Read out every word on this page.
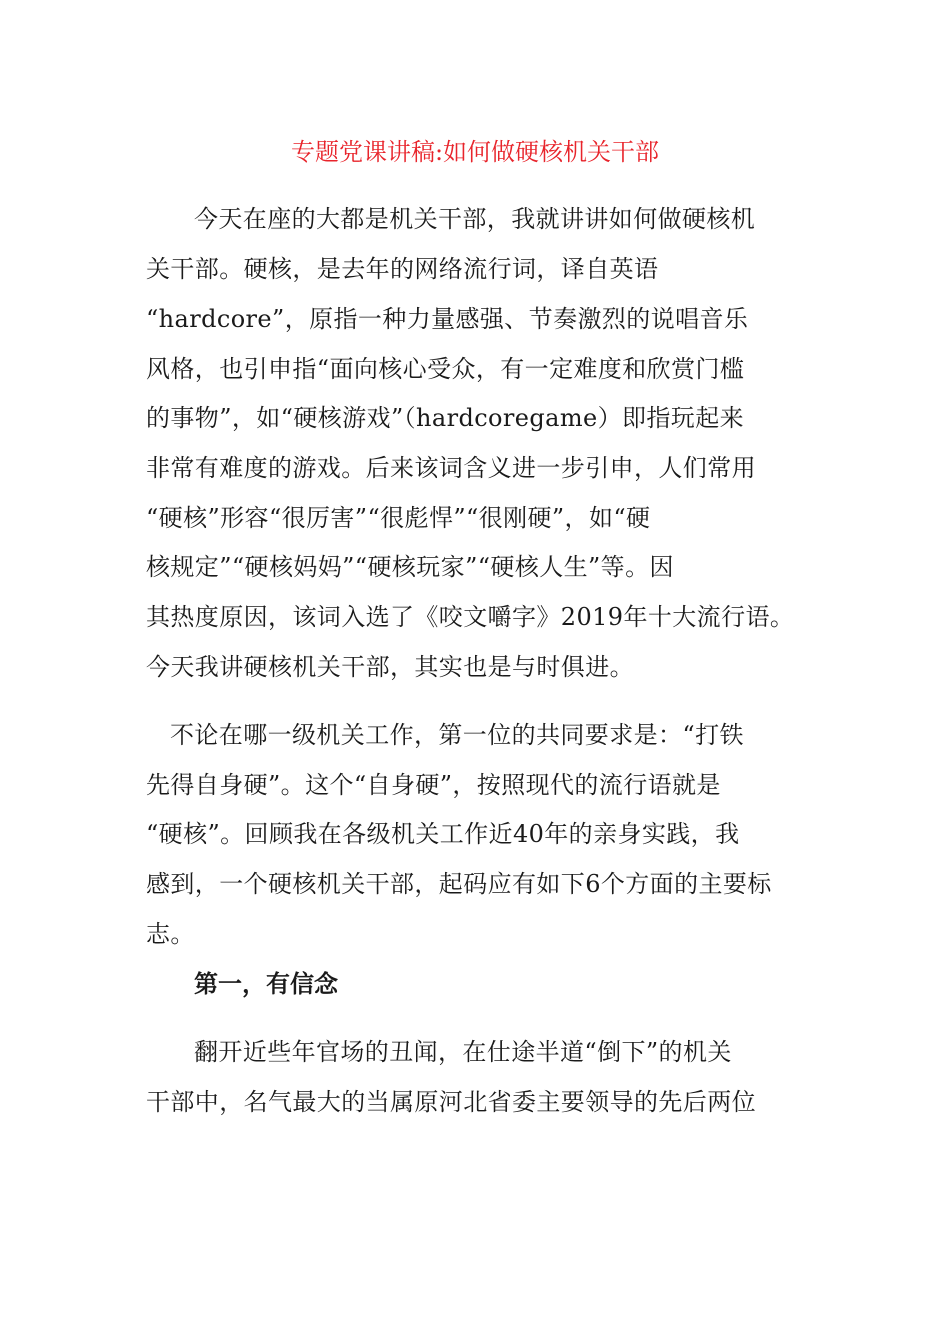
专题党课讲稿:如何做硬核机关干部
今天在座的大都是机关干部，我就讲讲如何做硬核机
关干部。硬核，是去年的网络流行词，译自英语
“hardcore”，原指一种力量感强、节奏激烈的说唱音乐
风格，也引申指“面向核心受众，有一定难度和欣赏门槛
的事物”，如“硬核游戏”（hardcoregame）即指玩起来
非常有难度的游戏。后来该词含义进一步引申，人们常用
“硬核”形容“很厉害”“很彪悍”“很刚硬”，如“硬
核规定”“硬核妈妈”“硬核玩家”“硬核人生”等。因
其热度原因，该词入选了《咬文嚼字》2019年十大流行语。
今天我讲硬核机关干部，其实也是与时俱进。
不论在哪一级机关工作，第一位的共同要求是：“打铁
先得自身硬”。这个“自身硬”，按照现代的流行语就是
“硬核”。回顾我在各级机关工作近40年的亲身实践，我
感到，一个硬核机关干部，起码应有如下6个方面的主要标
志。
第一，有信念
翻开近些年官场的丑闻，在仕途半道“倒下”的机关
干部中，名气最大的当属原河北省委主要领导的先后两位
